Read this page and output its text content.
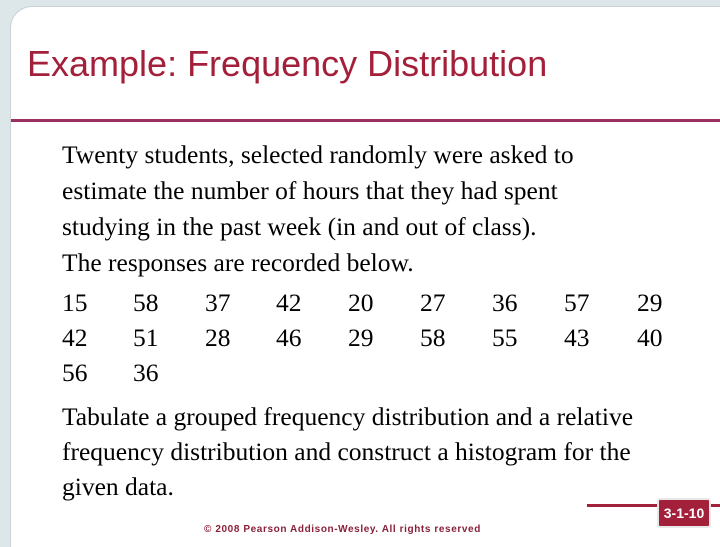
Example: Frequency Distribution
Twenty students, selected randomly were asked to
estimate the number of hours that they had spent
studying in the past week (in and out of class).
The responses are recorded below.
15
42
56
58
51
36
37
28
42
46
20
29
27
58
36
55
57
43
29
40
Tabulate a grouped frequency distribution and a relative
frequency distribution and construct a histogram for the
given data.
© 2008 Pearson Addison-Wesley. All rights reserved
3-1-10
